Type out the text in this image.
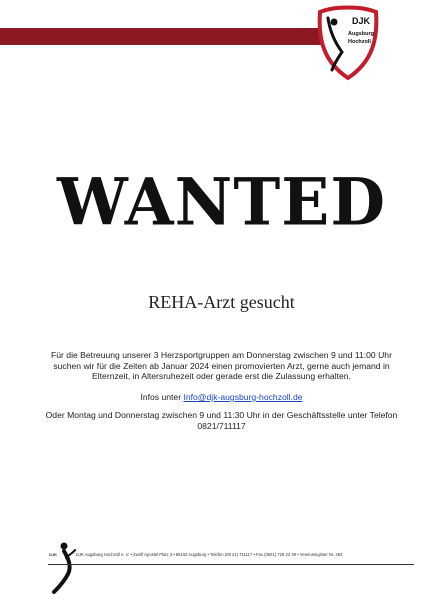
DJK
Augsburg
Hochzoll
WANTED
REHA-Arzt gesucht
Für die Betreuung unserer 3 Herzsportgruppen am Donnerstag zwischen 9 und 11:00 Uhr suchen wir für die Zeiten ab Januar 2024 einen promovierten Arzt, gerne auch jemand in Elternzeit, in Altersruhezeit oder gerade erst die Zulassung erhalten.
Infos unter Info@djk-augsburg-hochzoll.de
Oder Montag und Donnerstag zwischen 9 und 11:30 Uhr in der Geschäftsstelle unter Telefon 0821/711117
DJK	DJK Augsburg Hochzoll e. V. • Zwölf Apostel Platz 3 • 86163 Augsburg • Telefon (08 21) 711117 • Fax (0821) 729 22 39 • Vereinsregister Nr. 284
